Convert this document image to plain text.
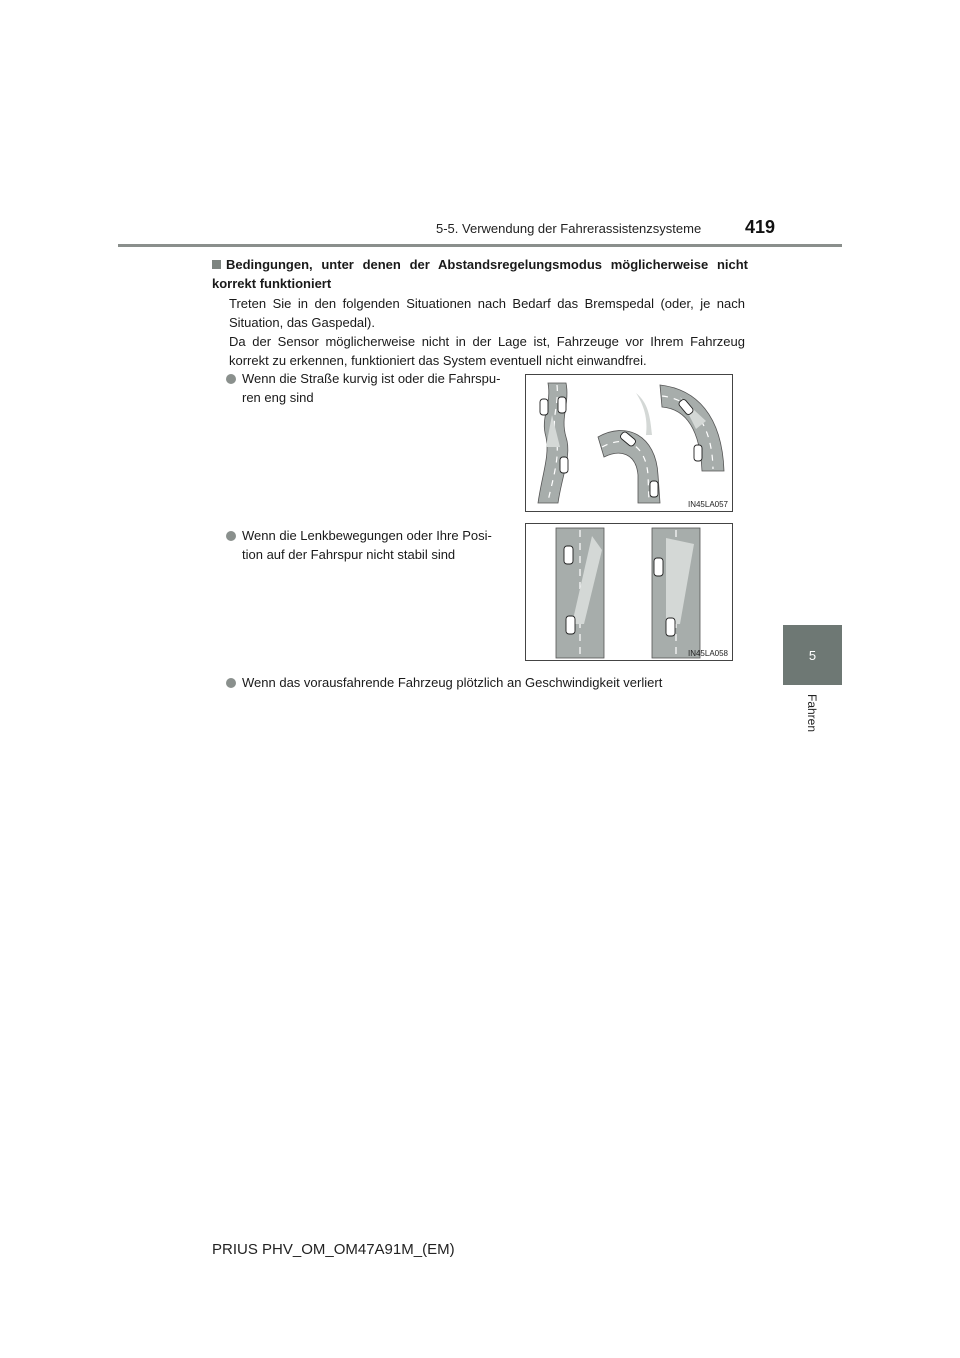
5-5. Verwendung der Fahrerassistenzsysteme 419
5
Fahren
Bedingungen, unter denen der Abstandsregelungsmodus möglicherweise nicht korrekt funktioniert
Treten Sie in den folgenden Situationen nach Bedarf das Bremspedal (oder, je nach Situation, das Gaspedal).
Da der Sensor möglicherweise nicht in der Lage ist, Fahrzeuge vor Ihrem Fahrzeug korrekt zu erkennen, funktioniert das System eventuell nicht einwandfrei.
Wenn die Straße kurvig ist oder die Fahrspu-
ren eng sind
IN45LA057
Wenn die Lenkbewegungen oder Ihre Posi-
tion auf der Fahrspur nicht stabil sind
IN45LA058
Wenn das vorausfahrende Fahrzeug plötzlich an Geschwindigkeit verliert
PRIUS PHV_OM_OM47A91M_(EM)
